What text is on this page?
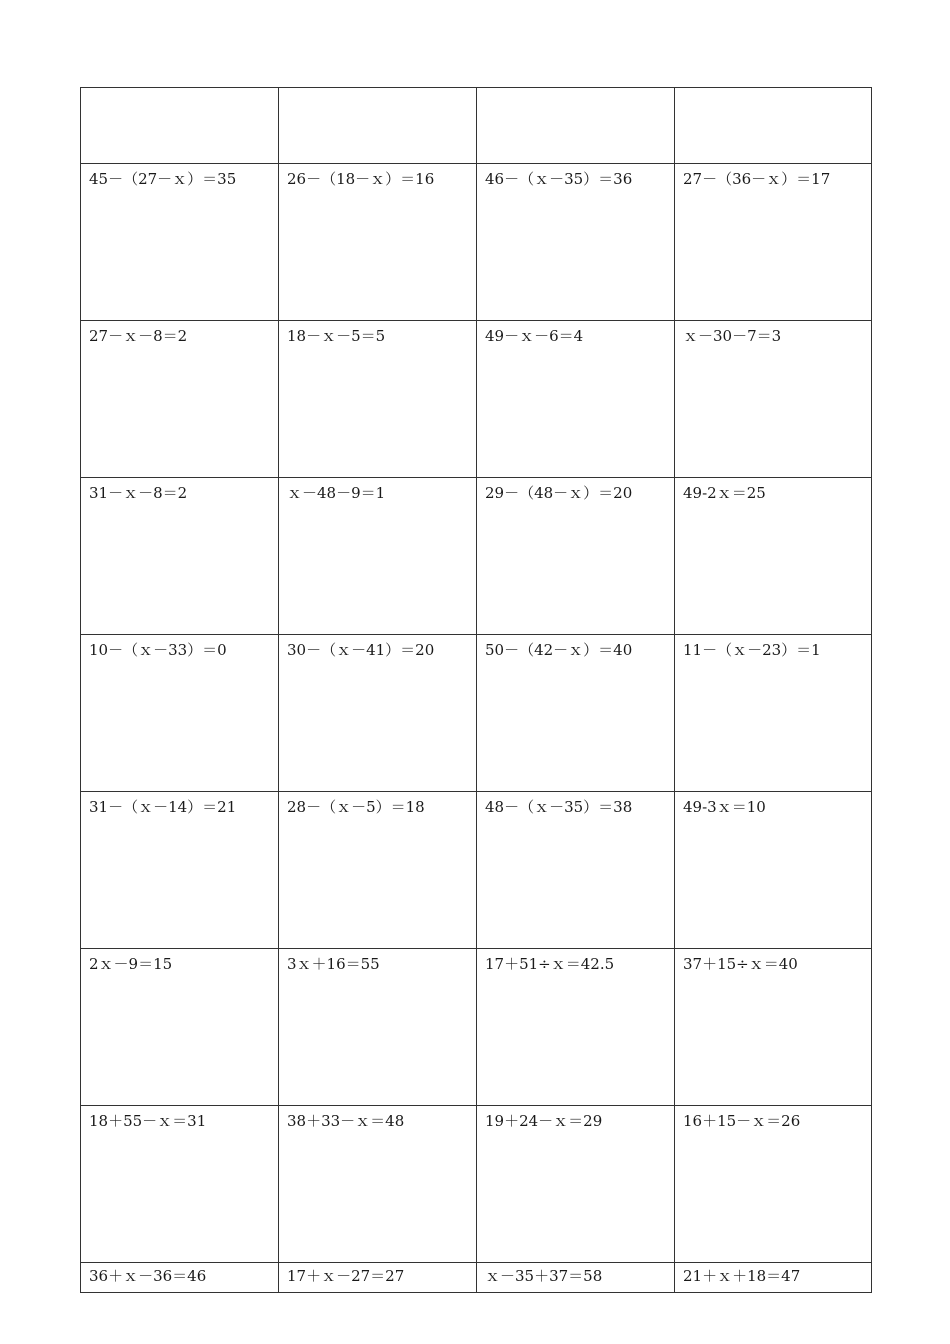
45－（27－ｘ）＝35	26－（18－ｘ）＝16	46－（ｘ－35）＝36	27－（36－ｘ）＝17
27－ｘ－8＝2	18－ｘ－5＝5	49－ｘ－6＝4	ｘ－30－7＝3
31－ｘ－8＝2	ｘ－48－9＝1	29－（48－ｘ）＝20	49-2ｘ＝25
10－（ｘ－33）＝0	30－（ｘ－41）＝20	50－（42－ｘ）＝40	11－（ｘ－23）＝1
31－（ｘ－14）＝21	28－（ｘ－5）＝18	48－（ｘ－35）＝38	49-3ｘ＝10
2ｘ－9＝15	3ｘ＋16＝55	17＋51÷ｘ＝42.5	37＋15÷ｘ＝40
18＋55－ｘ＝31	38＋33－ｘ＝48	19＋24－ｘ＝29	16＋15－ｘ＝26
36＋ｘ－36＝46	17＋ｘ－27＝27	ｘ－35＋37＝58	21＋ｘ＋18＝47
